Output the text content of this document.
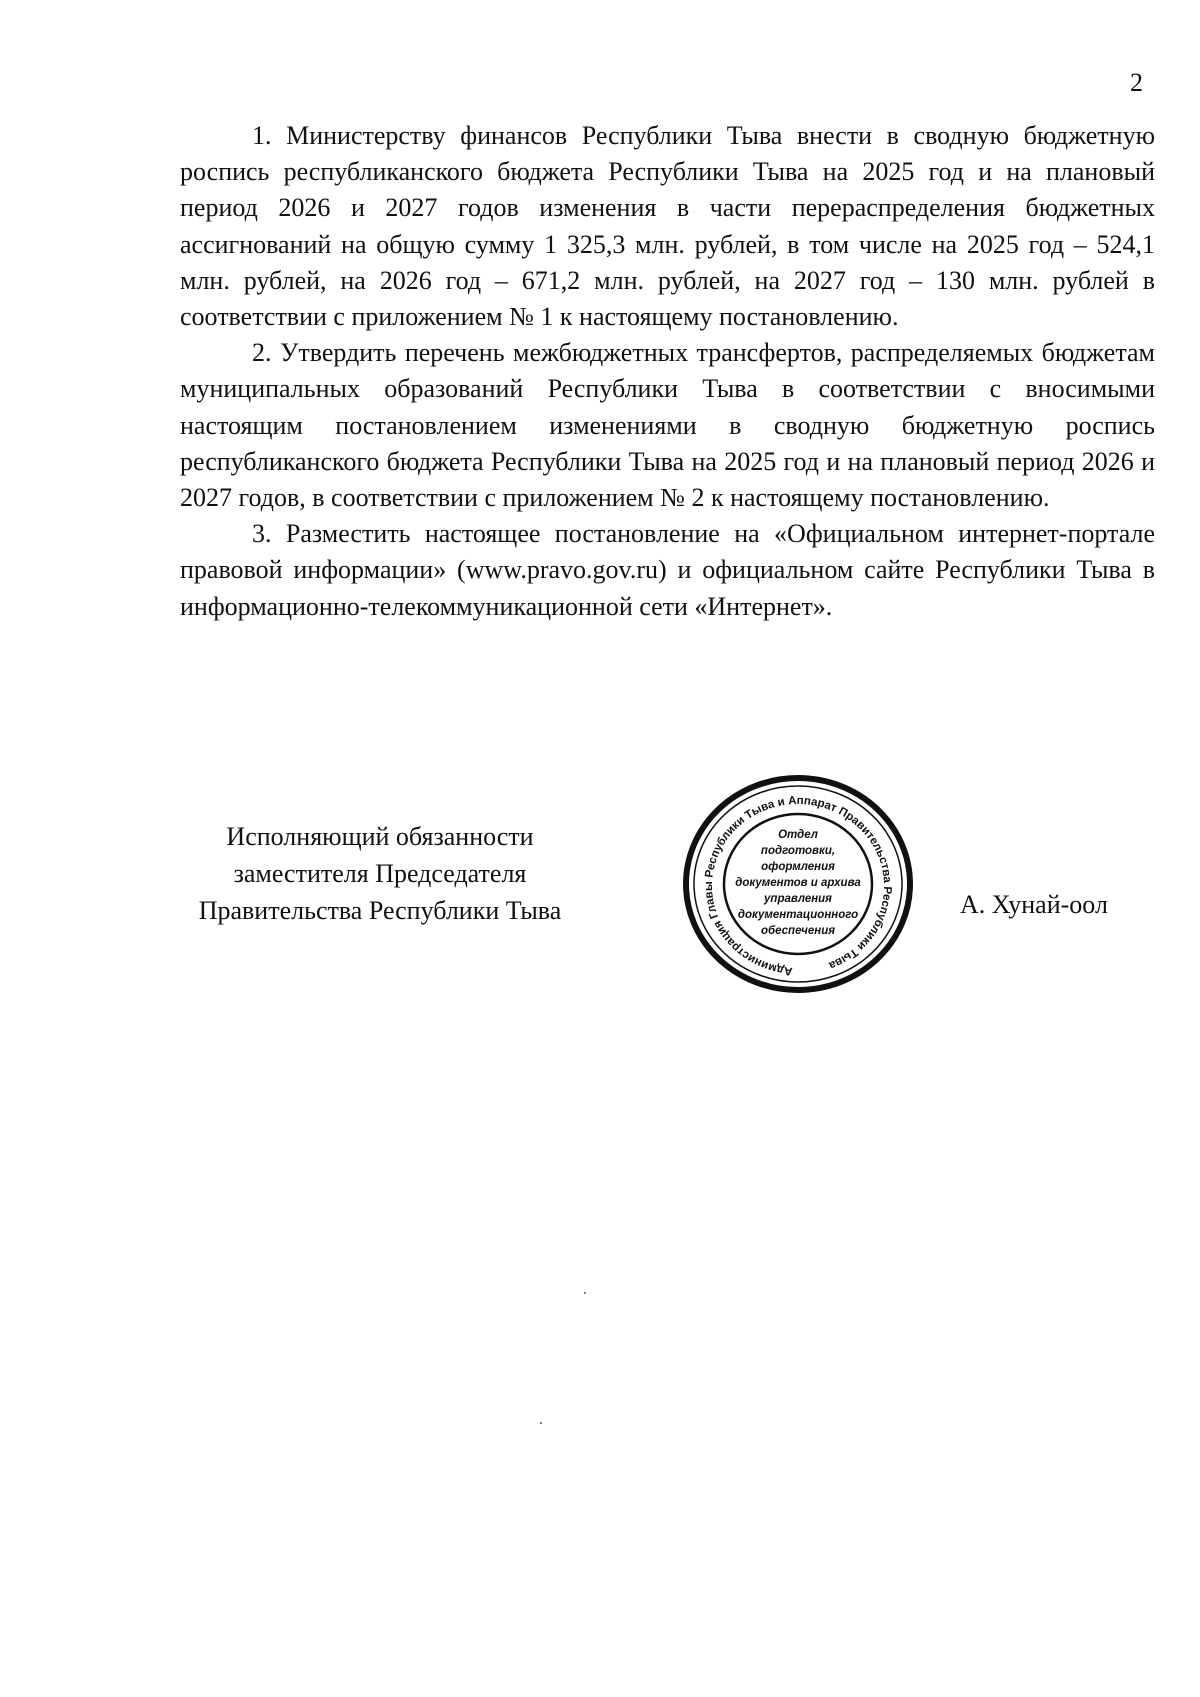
2

1. Министерству финансов Республики Тыва внести в сводную бюджетную роспись республиканского бюджета Республики Тыва на 2025 год и на плановый период 2026 и 2027 годов изменения в части перераспределения бюджетных ассигнований на общую сумму 1 325,3 млн. рублей, в том числе на 2025 год – 524,1 млн. рублей, на 2026 год – 671,2 млн. рублей, на 2027 год – 130 млн. рублей в соответствии с приложением № 1 к настоящему постановлению.

2. Утвердить перечень межбюджетных трансфертов, распределяемых бюджетам муниципальных образований Республики Тыва в соответствии с вносимыми настоящим постановлением изменениями в сводную бюджетную роспись республиканского бюджета Республики Тыва на 2025 год и на плановый период 2026 и 2027 годов, в соответствии с приложением № 2 к настоящему постановлению.

3. Разместить настоящее постановление на «Официальном интернет-портале правовой информации» (www.pravo.gov.ru) и официальном сайте Республики Тыва в информационно-телекоммуникационной сети «Интернет».

Исполняющий обязанности
заместителя Председателя
Правительства Республики Тыва
Администрация Главы Республики Тыва и Аппарат Правительства Республики Тыва
Отдел
подготовки,
оформления
документов и архива
управления
документационного
обеспечения
А. Хунай-оол
